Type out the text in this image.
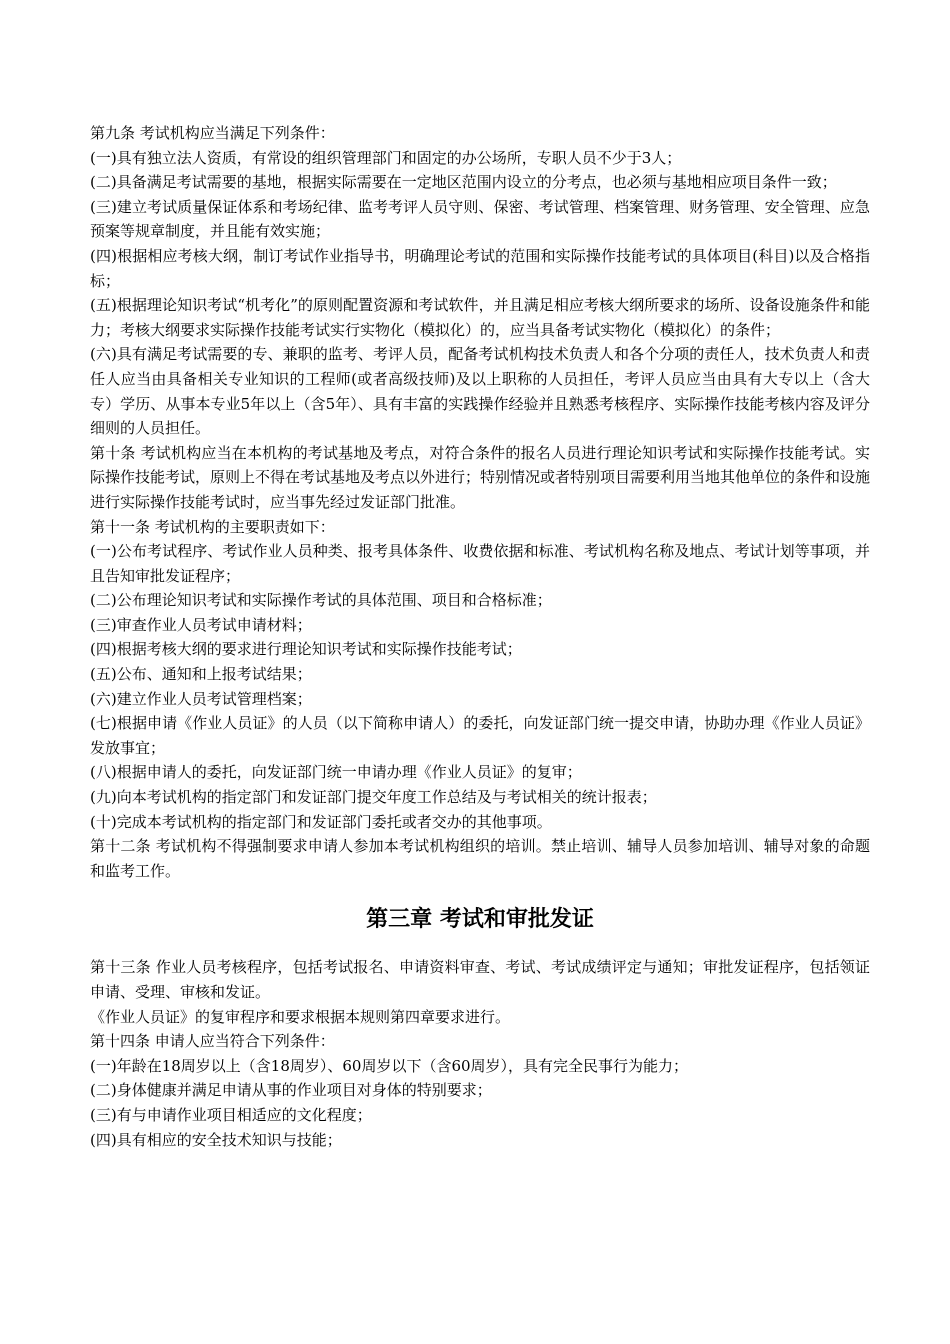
第九条 考试机构应当满足下列条件：

(一)具有独立法人资质，有常设的组织管理部门和固定的办公场所，专职人员不少于3人；

(二)具备满足考试需要的基地，根据实际需要在一定地区范围内设立的分考点，也必须与基地相应项目条件一致；

(三)建立考试质量保证体系和考场纪律、监考考评人员守则、保密、考试管理、档案管理、财务管理、安全管理、应急预案等规章制度，并且能有效实施；

(四)根据相应考核大纲，制订考试作业指导书，明确理论考试的范围和实际操作技能考试的具体项目(科目)以及合格指标；

(五)根据理论知识考试“机考化”的原则配置资源和考试软件，并且满足相应考核大纲所要求的场所、设备设施条件和能力；考核大纲要求实际操作技能考试实行实物化（模拟化）的，应当具备考试实物化（模拟化）的条件；

(六)具有满足考试需要的专、兼职的监考、考评人员，配备考试机构技术负责人和各个分项的责任人，技术负责人和责任人应当由具备相关专业知识的工程师(或者高级技师)及以上职称的人员担任，考评人员应当由具有大专以上（含大专）学历、从事本专业5年以上（含5年）、具有丰富的实践操作经验并且熟悉考核程序、实际操作技能考核内容及评分细则的人员担任。

第十条 考试机构应当在本机构的考试基地及考点，对符合条件的报名人员进行理论知识考试和实际操作技能考试。实际操作技能考试，原则上不得在考试基地及考点以外进行；特别情况或者特别项目需要利用当地其他单位的条件和设施进行实际操作技能考试时，应当事先经过发证部门批准。

第十一条 考试机构的主要职责如下：

(一)公布考试程序、考试作业人员种类、报考具体条件、收费依据和标准、考试机构名称及地点、考试计划等事项，并且告知审批发证程序；

(二)公布理论知识考试和实际操作考试的具体范围、项目和合格标准；

(三)审查作业人员考试申请材料；

(四)根据考核大纲的要求进行理论知识考试和实际操作技能考试；

(五)公布、通知和上报考试结果；

(六)建立作业人员考试管理档案；

(七)根据申请《作业人员证》的人员（以下简称申请人）的委托，向发证部门统一提交申请，协助办理《作业人员证》发放事宜；

(八)根据申请人的委托，向发证部门统一申请办理《作业人员证》的复审；

(九)向本考试机构的指定部门和发证部门提交年度工作总结及与考试相关的统计报表；

(十)完成本考试机构的指定部门和发证部门委托或者交办的其他事项。

第十二条 考试机构不得强制要求申请人参加本考试机构组织的培训。禁止培训、辅导人员参加培训、辅导对象的命题和监考工作。

第三章 考试和审批发证

第十三条 作业人员考核程序，包括考试报名、申请资料审查、考试、考试成绩评定与通知；审批发证程序，包括领证申请、受理、审核和发证。

《作业人员证》的复审程序和要求根据本规则第四章要求进行。

第十四条 申请人应当符合下列条件：

(一)年龄在18周岁以上（含18周岁）、60周岁以下（含60周岁），具有完全民事行为能力；

(二)身体健康并满足申请从事的作业项目对身体的特别要求；

(三)有与申请作业项目相适应的文化程度；

(四)具有相应的安全技术知识与技能；
